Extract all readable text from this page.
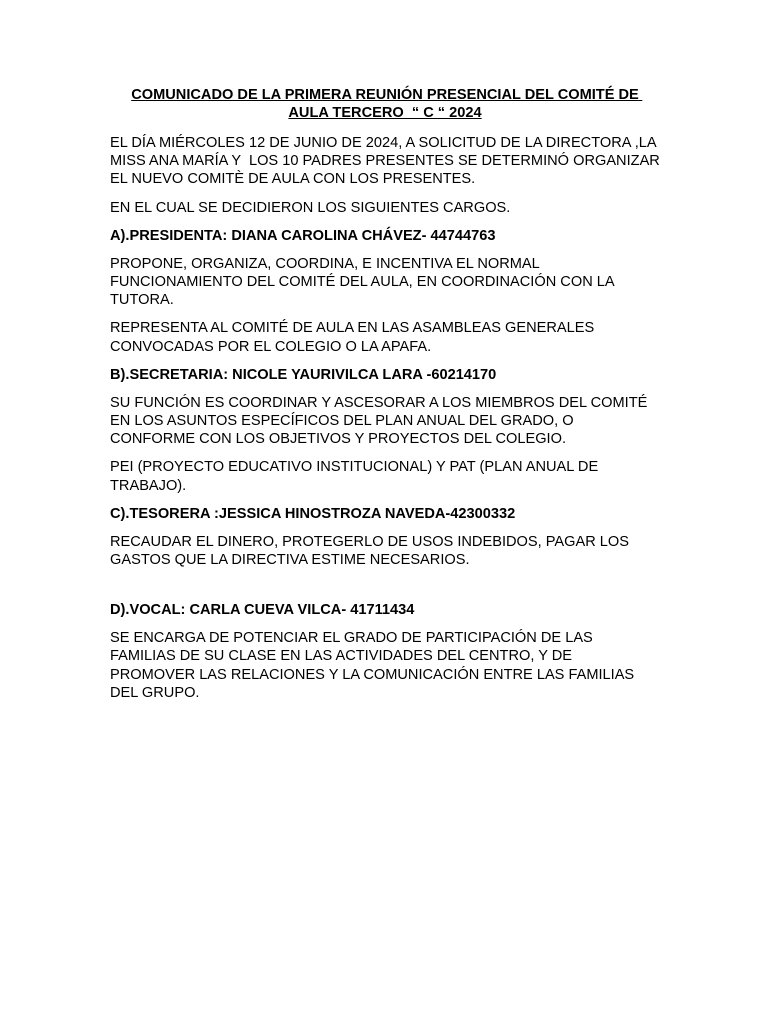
COMUNICADO DE LA PRIMERA REUNIÓN PRESENCIAL DEL COMITÉ DE AULA TERCERO  “ C “ 2024
EL DÍA MIÉRCOLES 12 DE JUNIO DE 2024, A SOLICITUD DE LA DIRECTORA ,LA MISS ANA MARÍA Y  LOS 10 PADRES PRESENTES SE DETERMINÓ ORGANIZAR EL NUEVO COMITÈ DE AULA CON LOS PRESENTES.
EN EL CUAL SE DECIDIERON LOS SIGUIENTES CARGOS.
A).PRESIDENTA: DIANA CAROLINA CHÁVEZ- 44744763
PROPONE, ORGANIZA, COORDINA, E INCENTIVA EL NORMAL FUNCIONAMIENTO DEL COMITÉ DEL AULA, EN COORDINACIÓN CON LA TUTORA.
REPRESENTA AL COMITÉ DE AULA EN LAS ASAMBLEAS GENERALES CONVOCADAS POR EL COLEGIO O LA APAFA.
B).SECRETARIA: NICOLE YAURIVILCA LARA -60214170
SU FUNCIÓN ES COORDINAR Y ASCESORAR A LOS MIEMBROS DEL COMITÉ EN LOS ASUNTOS ESPECÍFICOS DEL PLAN ANUAL DEL GRADO, O CONFORME CON LOS OBJETIVOS Y PROYECTOS DEL COLEGIO.
PEI (PROYECTO EDUCATIVO INSTITUCIONAL) Y PAT (PLAN ANUAL DE TRABAJO).
C).TESORERA :JESSICA HINOSTROZA NAVEDA-42300332
RECAUDAR EL DINERO, PROTEGERLO DE USOS INDEBIDOS, PAGAR LOS GASTOS QUE LA DIRECTIVA ESTIME NECESARIOS.
D).VOCAL: CARLA CUEVA VILCA- 41711434
SE ENCARGA DE POTENCIAR EL GRADO DE PARTICIPACIÓN DE LAS FAMILIAS DE SU CLASE EN LAS ACTIVIDADES DEL CENTRO, Y DE PROMOVER LAS RELACIONES Y LA COMUNICACIÓN ENTRE LAS FAMILIAS DEL GRUPO.
